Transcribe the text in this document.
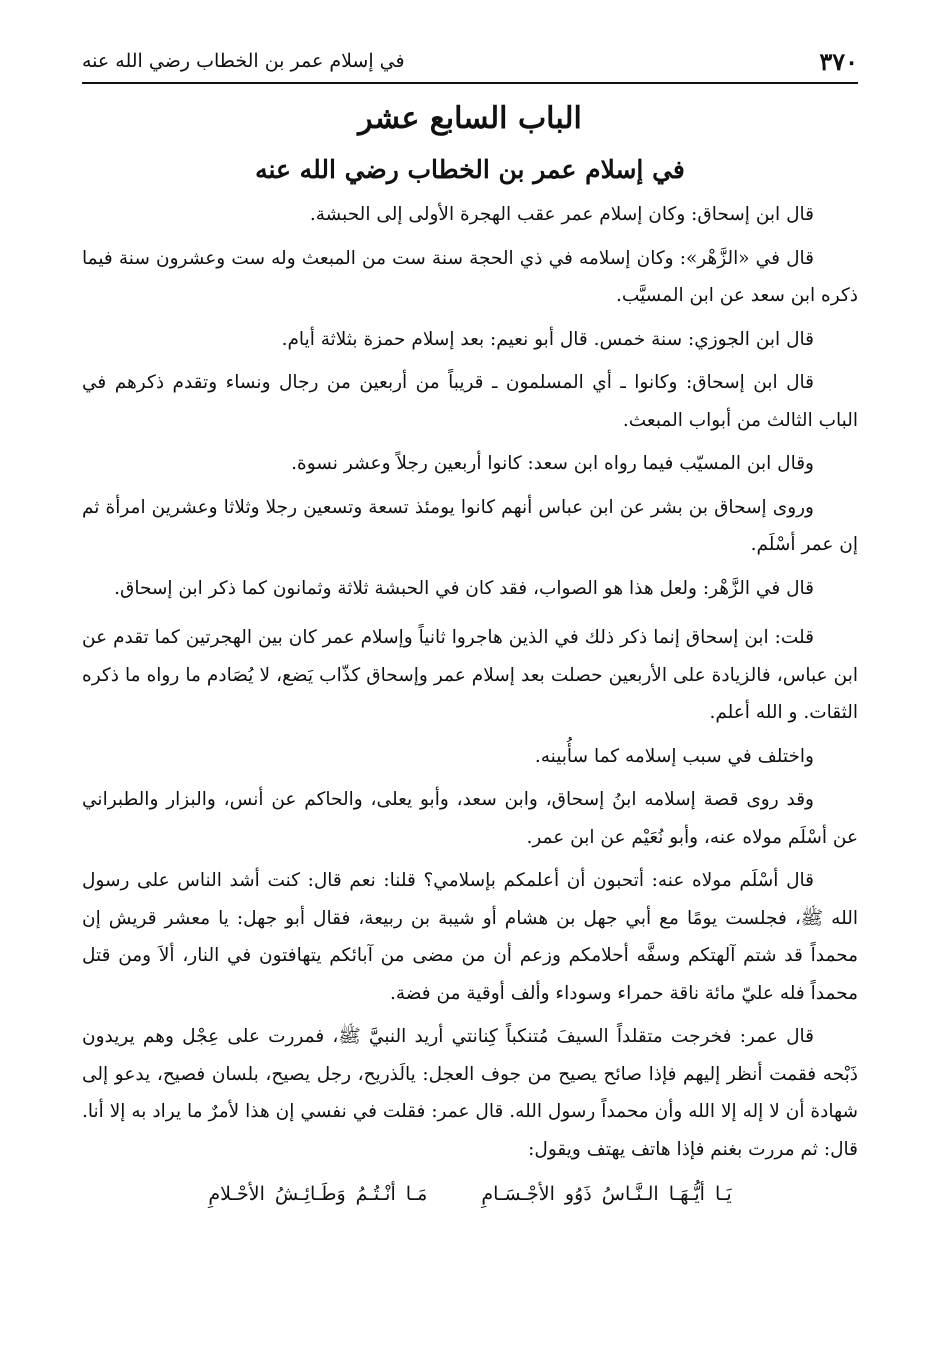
٣٧٠
في إسلام عمر بن الخطاب رضي الله عنه
الباب السابع عشر
في إسلام عمر بن الخطاب رضي الله عنه

قال ابن إسحاق: وكان إسلام عمر عقب الهجرة الأولى إلى الحبشة.

قال في «الزَّهْر»: وكان إسلامه في ذي الحجة سنة ست من المبعث وله ست وعشرون سنة فيما ذكره ابن سعد عن ابن المسيَّب.

قال ابن الجوزي: سنة خمس. قال أبو نعيم: بعد إسلام حمزة بثلاثة أيام.

قال ابن إسحاق: وكانوا ـ أي المسلمون ـ قريباً من أربعين من رجال ونساء وتقدم ذكرهم في الباب الثالث من أبواب المبعث.

وقال ابن المسيّب فيما رواه ابن سعد: كانوا أربعين رجلاً وعشر نسوة.

وروى إسحاق بن بشر عن ابن عباس أنهم كانوا يومئذ تسعة وتسعين رجلا وثلاثا وعشرين امرأة ثم إن عمر أسْلَم.

قال في الزَّهْر: ولعل هذا هو الصواب، فقد كان في الحبشة ثلاثة وثمانون كما ذكر ابن إسحاق.

قلت: ابن إسحاق إنما ذكر ذلك في الذين هاجروا ثانياً وإسلام عمر كان بين الهجرتين كما تقدم عن ابن عباس، فالزيادة على الأربعين حصلت بعد إسلام عمر وإسحاق كذّاب يَضع، لا يُصَادم ما رواه ما ذكره الثقات. و الله أعلم.

واختلف في سبب إسلامه كما سأُبينه.

وقد روى قصة إسلامه ابنُ إسحاق، وابن سعد، وأبو يعلى، والحاكم عن أنس، والبزار والطبراني عن أسْلَم مولاه عنه، وأبو نُعَيْم عن ابن عمر.

قال أسْلَم مولاه عنه: أتحبون أن أعلمكم بإسلامي؟ قلنا: نعم قال: كنت أشد الناس على رسول الله ﷺ، فجلست يومًا مع أبي جهل بن هشام أو شيبة بن ربيعة، فقال أبو جهل: يا معشر قريش إن محمداً قد شتم آلهتكم وسفَّه أحلامكم وزعم أن من مضى من آبائكم يتهافتون في النار، ألاَ ومن قتل محمداً فله عليّ مائة ناقة حمراء وسوداء وألف أوقية من فضة.

قال عمر: فخرجت متقلداً السيفَ مُتنكباً كِنانتي أريد النبيَّ ﷺ، فمررت على عِجْل وهم يريدون ذَبْحه فقمت أنظر إليهم فإذا صائح يصيح من جوف العجل: يالَذريح، رجل يصيح، بلسان فصيح، يدعو إلى شهادة أن لا إله إلا الله وأن محمداً رسول الله. قال عمر: فقلت في نفسي إن هذا لأمرٌ ما يراد به إلا أنا. قال: ثم مررت بغنم فإذا هاتف يهتف ويقول:

يَـا أيُّـهَـا الـنَّـاسُ ذَوُو الأجْـسَـامِ مَـا أنْـتُـمُ وَطَـائِـشُ الأحْـلامِ
